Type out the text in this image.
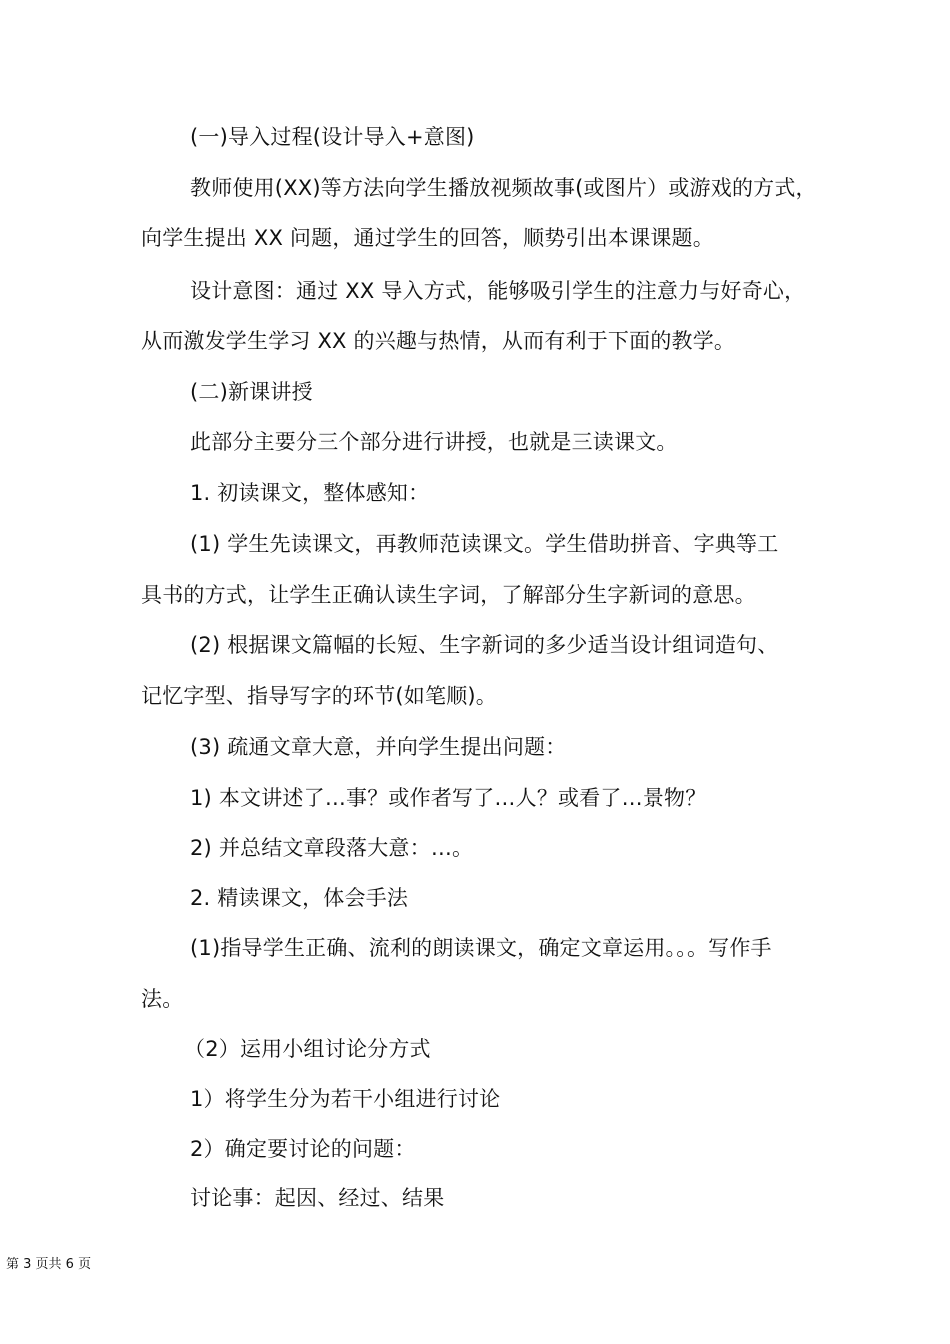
(一)导入过程(设计导入+意图)
教师使用(XX)等方法向学生播放视频故事(或图片）或游戏的方式，
向学生提出 XX 问题，通过学生的回答，顺势引出本课课题。
设计意图：通过 XX 导入方式，能够吸引学生的注意力与好奇心，
从而激发学生学习 XX 的兴趣与热情，从而有利于下面的教学。
(二)新课讲授
此部分主要分三个部分进行讲授，也就是三读课文。
1. 初读课文，整体感知：
(1) 学生先读课文，再教师范读课文。学生借助拼音、字典等工
具书的方式，让学生正确认读生字词，了解部分生字新词的意思。
(2) 根据课文篇幅的长短、生字新词的多少适当设计组词造句、
记忆字型、指导写字的环节(如笔顺)。
(3) 疏通文章大意，并向学生提出问题：
1) 本文讲述了…事？或作者写了…人？或看了…景物？
2) 并总结文章段落大意：…。
2. 精读课文，体会手法
(1)指导学生正确、流利的朗读课文，确定文章运用。。。写作手
法。
（2）运用小组讨论分方式
1）将学生分为若干小组进行讨论
2）确定要讨论的问题：
讨论事：起因、经过、结果
第 3 页共 6 页
